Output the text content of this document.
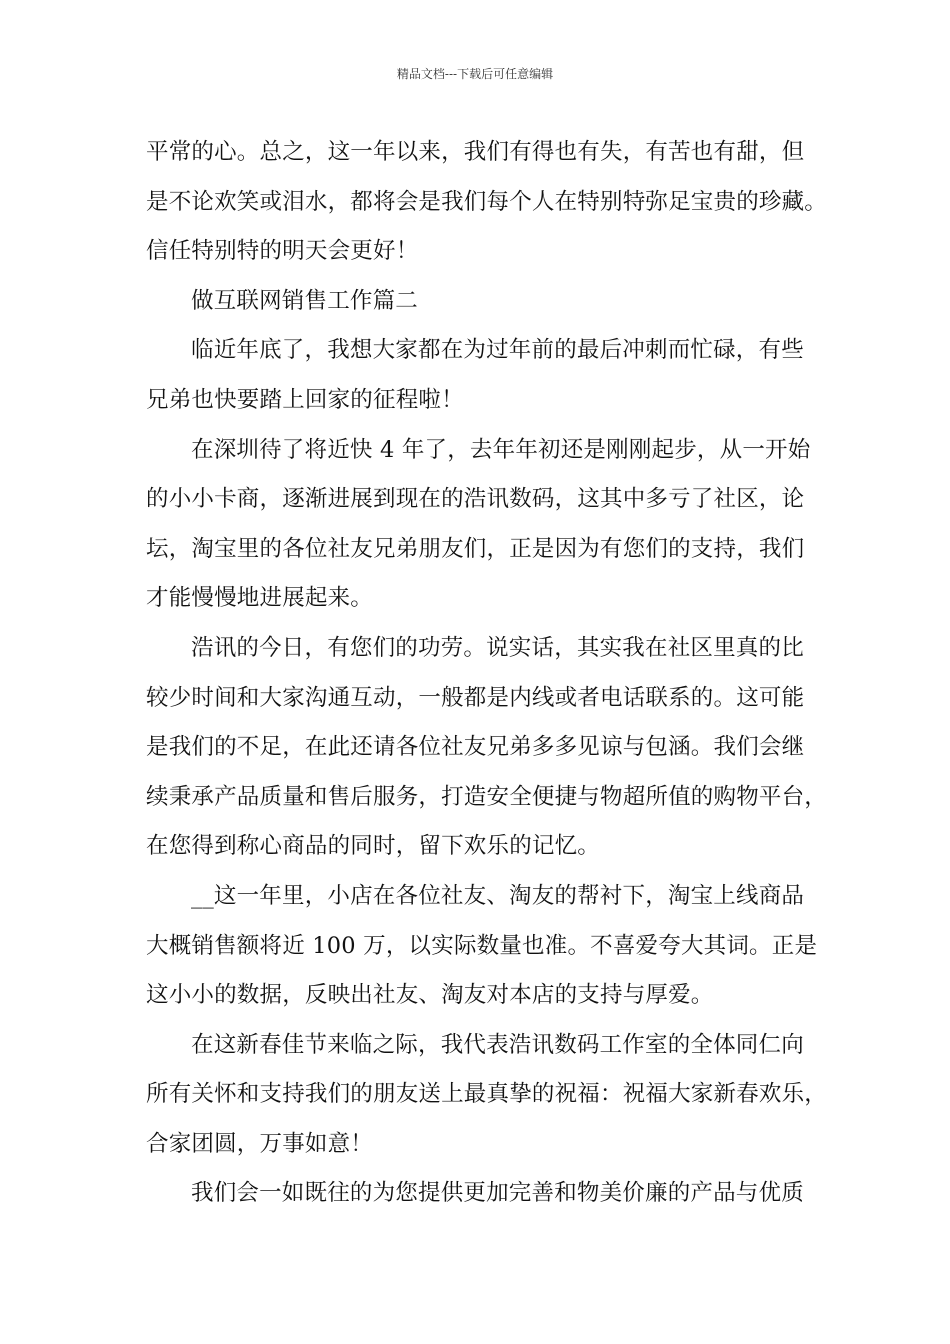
精品文档---下载后可任意编辑

平常的心。总之，这一年以来，我们有得也有失，有苦也有甜，但
是不论欢笑或泪水，都将会是我们每个人在特别特弥足宝贵的珍藏。
信任特别特的明天会更好！

做互联网销售工作篇二

临近年底了，我想大家都在为过年前的最后冲刺而忙碌，有些
兄弟也快要踏上回家的征程啦！

在深圳待了将近快 4 年了，去年年初还是刚刚起步，从一开始
的小小卡商，逐渐进展到现在的浩讯数码，这其中多亏了社区，论
坛，淘宝里的各位社友兄弟朋友们，正是因为有您们的支持，我们
才能慢慢地进展起来。

浩讯的今日，有您们的功劳。说实话，其实我在社区里真的比
较少时间和大家沟通互动，一般都是内线或者电话联系的。这可能
是我们的不足，在此还请各位社友兄弟多多见谅与包涵。我们会继
续秉承产品质量和售后服务，打造安全便捷与物超所值的购物平台，
在您得到称心商品的同时，留下欢乐的记忆。

__这一年里，小店在各位社友、淘友的帮衬下，淘宝上线商品
大概销售额将近 100 万，以实际数量也准。不喜爱夸大其词。正是
这小小的数据，反映出社友、淘友对本店的支持与厚爱。

在这新春佳节来临之际，我代表浩讯数码工作室的全体同仁向
所有关怀和支持我们的朋友送上最真挚的祝福：祝福大家新春欢乐，
合家团圆，万事如意！

我们会一如既往的为您提供更加完善和物美价廉的产品与优质
